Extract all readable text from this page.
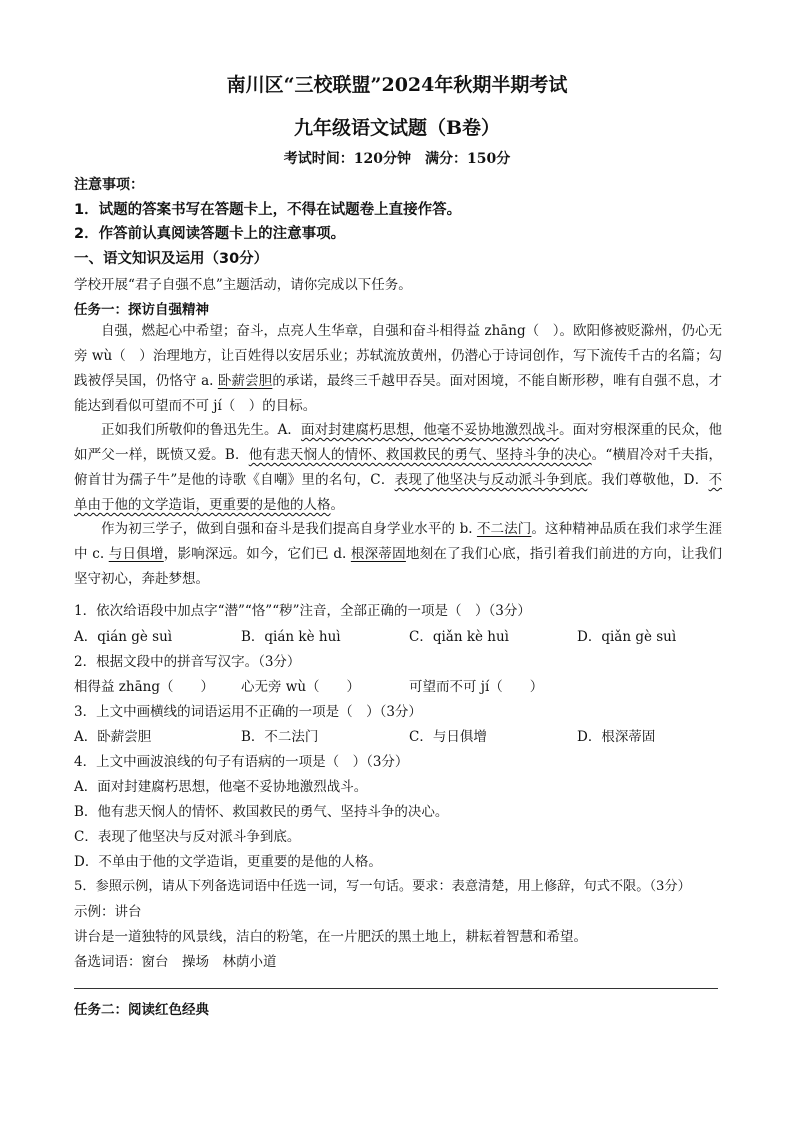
南川区“三校联盟”2024年秋期半期考试
九年级语文试题（B卷）
考试时间：120分钟　满分：150分
注意事项：
1．试题的答案书写在答题卡上，不得在试题卷上直接作答。
2．作答前认真阅读答题卡上的注意事项。
一、语文知识及运用（30分）
学校开展“君子自强不息”主题活动，请你完成以下任务。
任务一：探访自强精神

自强，燃起心中希望；奋斗，点亮人生华章，自强和奋斗相得益 zhāng（　）。欧阳修被贬滁州，仍心无旁 wù（　）治理地方，让百姓得以安居乐业；苏轼流放黄州，仍潜心于诗词创作，写下流传千古的名篇；勾践被俘吴国，仍恪守 a. 卧薪尝胆的承诺，最终三千越甲吞吴。面对困境，不能自断形秽，唯有自强不息，才能达到看似可望而不可 jí（　）的目标。

正如我们所敬仰的鲁迅先生。A．面对封建腐朽思想，他毫不妥协地激烈战斗。面对穷根深重的民众，他如严父一样，既愤又爱。B．他有悲天悯人的情怀、救国救民的勇气、坚持斗争的决心。“横眉冷对千夫指，俯首甘为孺子牛”是他的诗歌《自嘲》里的名句，C．表现了他坚决与反动派斗争到底。我们尊敬他，D．不单由于他的文学造诣，更重要的是他的人格。

作为初三学子，做到自强和奋斗是我们提高自身学业水平的 b. 不二法门。这种精神品质在我们求学生涯中 c. 与日俱增，影响深远。如今，它们已 d. 根深蒂固地刻在了我们心底，指引着我们前进的方向，让我们坚守初心，奔赴梦想。

1．依次给语段中加点字“潜”“恪”“秽”注音，全部正确的一项是（　）（3分）
A．qián gè suì	B．qián kè huì	C．qiǎn kè huì	D．qiǎn gè suì
2．根据文段中的拼音写汉字。（3分）
相得益 zhāng（　　） 心无旁 wù（　　）	可望而不可 jí（　　）
3．上文中画横线的词语运用不正确的一项是（　）（3分）
A．卧薪尝胆	B．不二法门	C．与日俱增	D．根深蒂固
4．上文中画波浪线的句子有语病的一项是（　）（3分）
A．面对封建腐朽思想，他毫不妥协地激烈战斗。
B．他有悲天悯人的情怀、救国救民的勇气、坚持斗争的决心。
C．表现了他坚决与反对派斗争到底。
D．不单由于他的文学造诣，更重要的是他的人格。
5．参照示例，请从下列备选词语中任选一词，写一句话。要求：表意清楚，用上修辞，句式不限。（3分）
示例：讲台
讲台是一道独特的风景线，洁白的粉笔，在一片肥沃的黑土地上，耕耘着智慧和希望。
备选词语：窗台　操场　林荫小道
任务二：阅读红色经典
